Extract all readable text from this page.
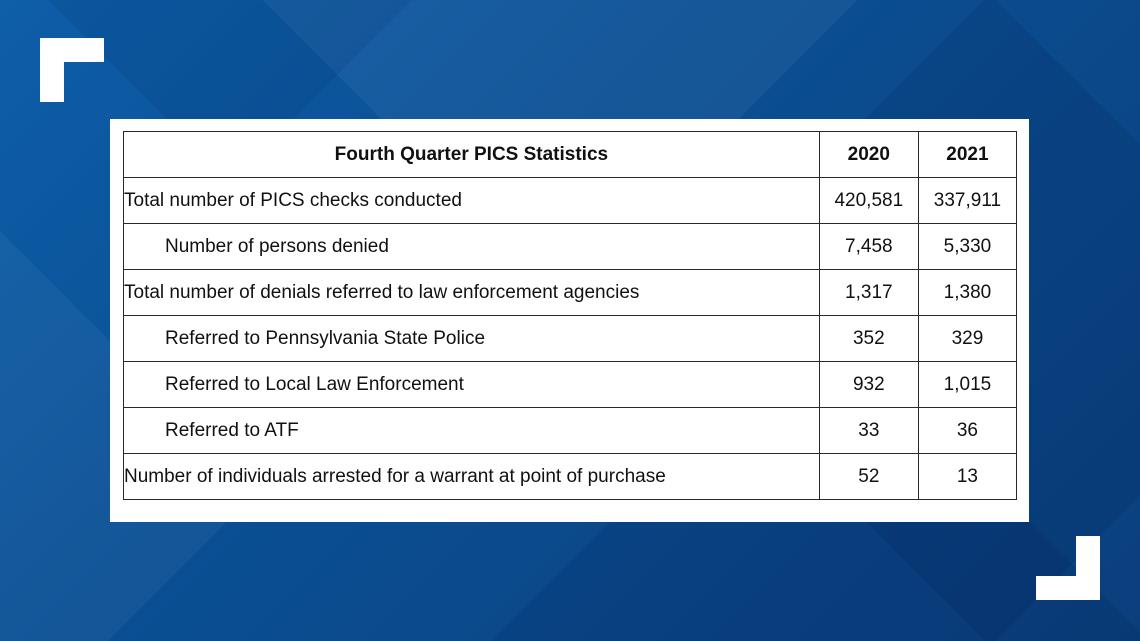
Fourth Quarter PICS Statistics	2020	2021
Total number of PICS checks conducted	420,581	337,911
Number of persons denied	7,458	5,330
Total number of denials referred to law enforcement agencies	1,317	1,380
Referred to Pennsylvania State Police	352	329
Referred to Local Law Enforcement	932	1,015
Referred to ATF	33	36
Number of individuals arrested for a warrant at point of purchase	52	13
